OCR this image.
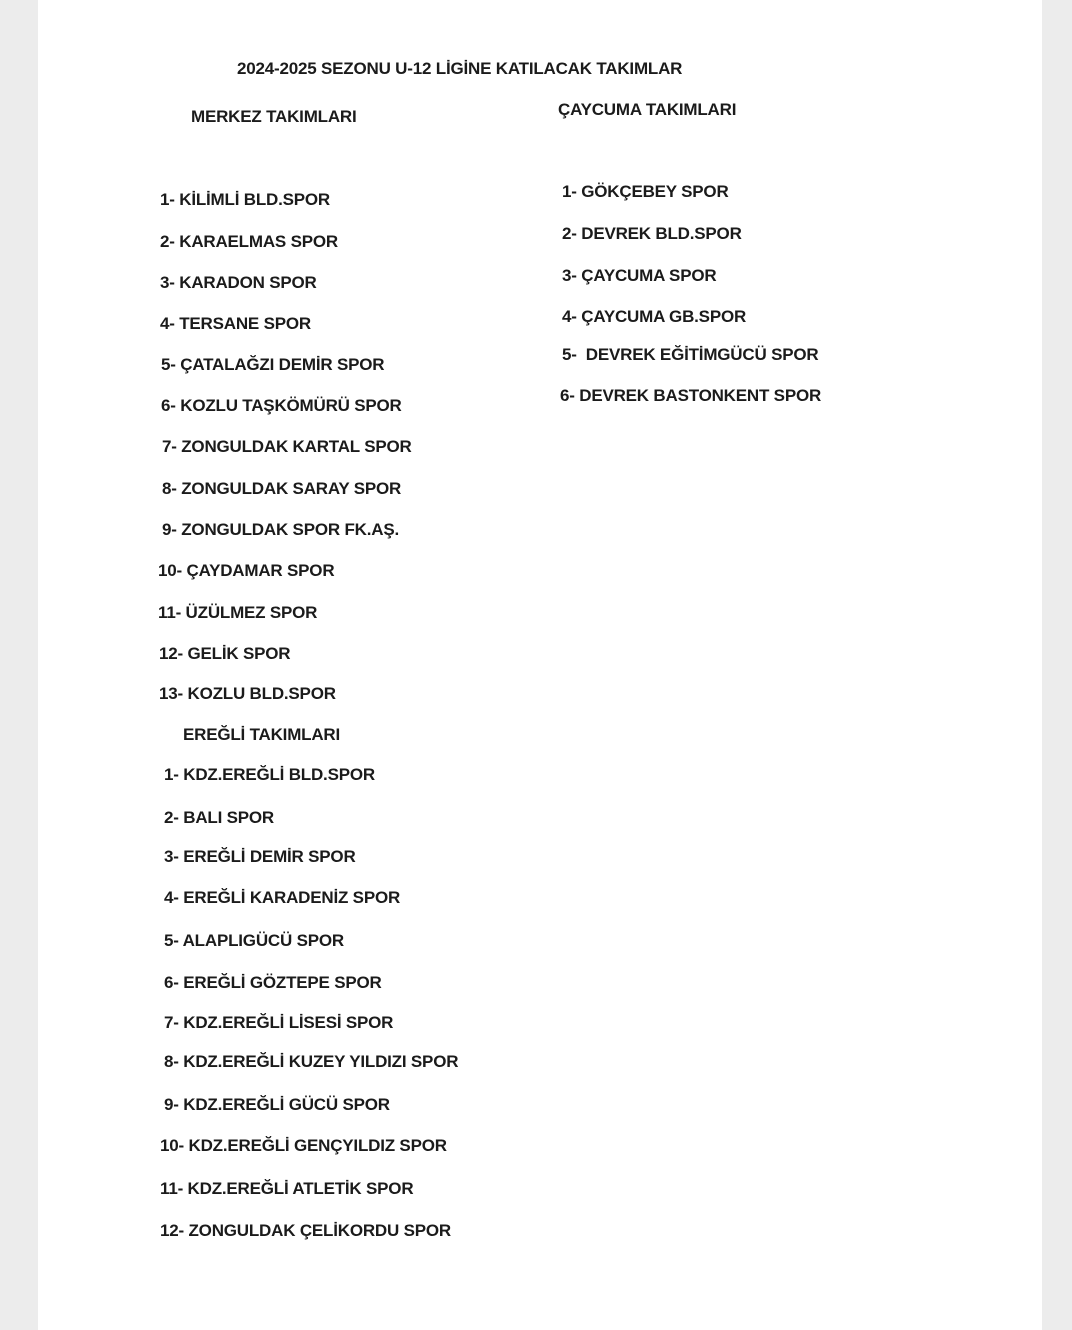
2024-2025 SEZONU U-12 LİGİNE KATILACAK TAKIMLAR
MERKEZ TAKIMLARI	ÇAYCUMA TAKIMLARI
1- KİLİMLİ BLD.SPOR
2- KARAELMAS SPOR
3- KARADON SPOR
4- TERSANE SPOR
5- ÇATALAĞZI DEMİR SPOR
6- KOZLU TAŞKÖMÜRÜ SPOR
7- ZONGULDAK KARTAL SPOR
8- ZONGULDAK SARAY SPOR
9- ZONGULDAK SPOR FK.AŞ.
10- ÇAYDAMAR SPOR
11- ÜZÜLMEZ SPOR
12- GELİK SPOR
13- KOZLU BLD.SPOR
EREĞLİ TAKIMLARI
1- KDZ.EREĞLİ BLD.SPOR
2- BALI SPOR
3- EREĞLİ DEMİR SPOR
4- EREĞLİ KARADENİZ SPOR
5- ALAPLIGÜCÜ SPOR
6- EREĞLİ GÖZTEPE SPOR
7- KDZ.EREĞLİ LİSESİ SPOR
8- KDZ.EREĞLİ KUZEY YILDIZI SPOR
9- KDZ.EREĞLİ GÜCÜ SPOR
10- KDZ.EREĞLİ GENÇYILDIZ SPOR
11- KDZ.EREĞLİ ATLETİK SPOR
12- ZONGULDAK ÇELİKORDU SPOR
1- GÖKÇEBEY SPOR
2- DEVREK BLD.SPOR
3- ÇAYCUMA SPOR
4- ÇAYCUMA GB.SPOR
5-  DEVREK EĞİTİMGÜCÜ SPOR
6- DEVREK BASTONKENT SPOR
